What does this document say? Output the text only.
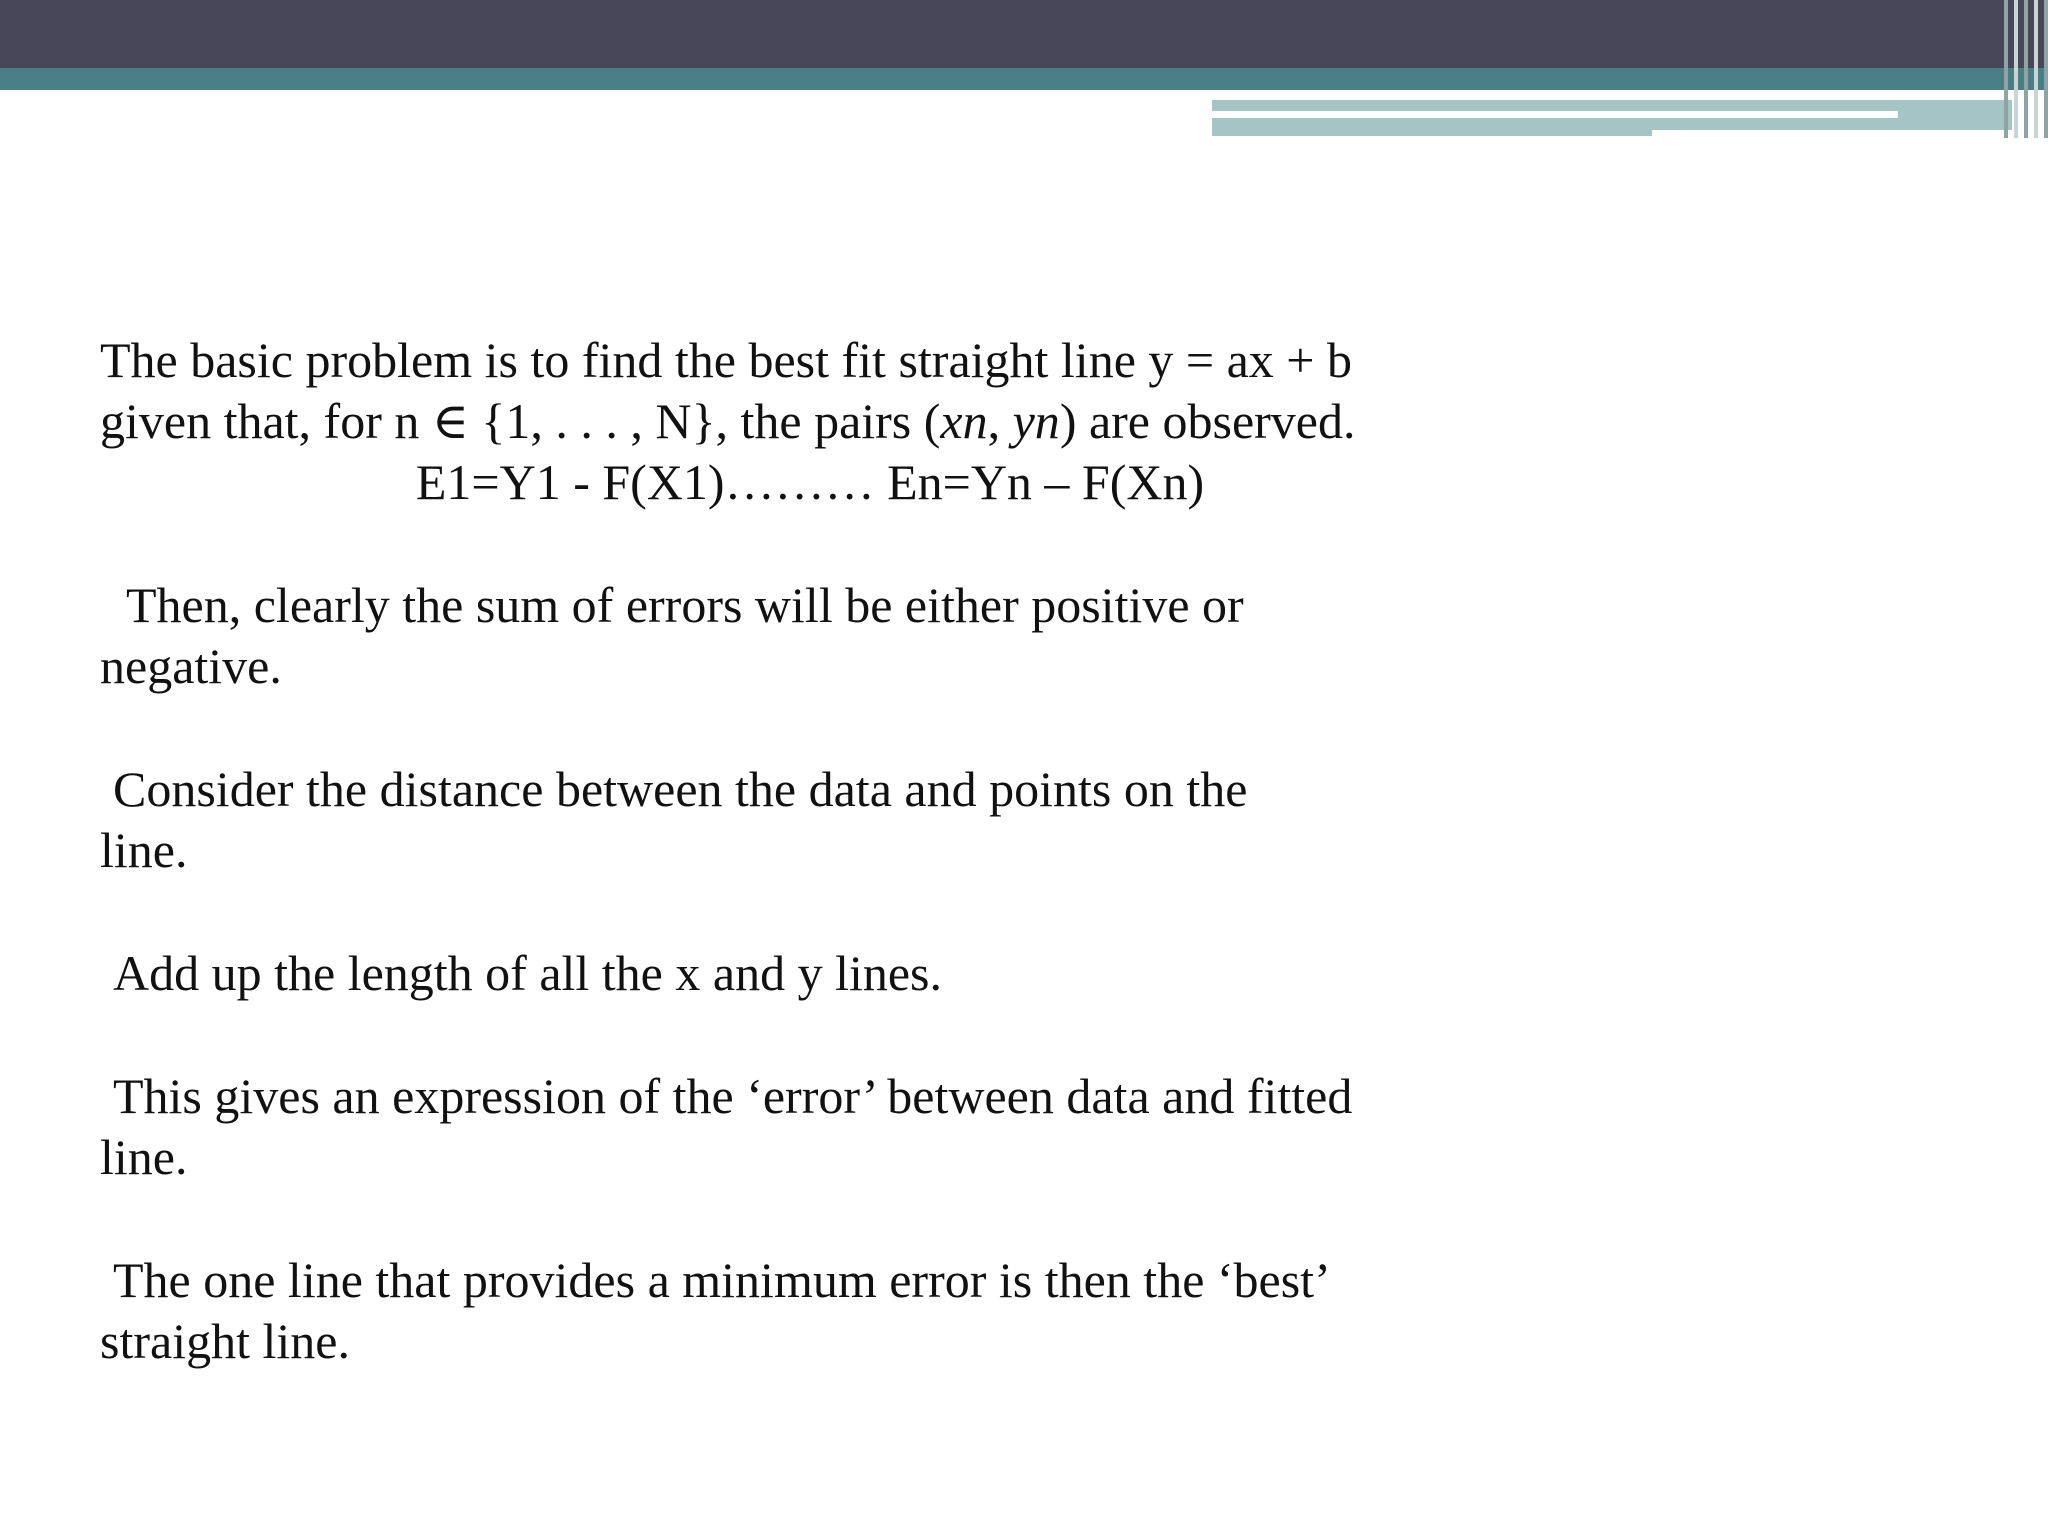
The basic problem is to find the best fit straight line y = ax + b
given that, for n ∈ {1, . . . , N}, the pairs (xn, yn) are observed.
E1=Y1 - F(X1)……… En=Yn – F(Xn)
Then, clearly the sum of errors will be either positive or
negative.
Consider the distance between the data and points on the
line.
Add up the length of all the x and y lines.
This gives an expression of the ‘error’ between data and fitted
line.
The one line that provides a minimum error is then the ‘best’
straight line.
